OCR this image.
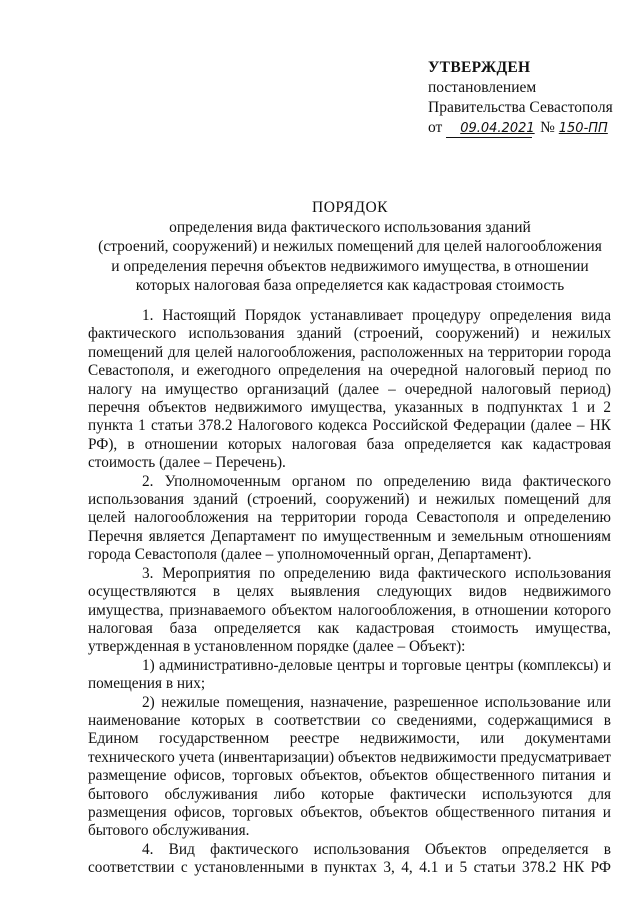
УТВЕРЖДЕН
постановлением
Правительства Севастополя
от 09.04.2021 № 150-ПП
ПОРЯДОК
определения вида фактического использования зданий
(строений, сооружений) и нежилых помещений для целей налогообложения
и определения перечня объектов недвижимого имущества, в отношении
которых налоговая база определяется как кадастровая стоимость

1. Настоящий Порядок устанавливает процедуру определения вида фактического использования зданий (строений, сооружений) и нежилых помещений для целей налогообложения, расположенных на территории города Севастополя, и ежегодного определения на очередной налоговый период по налогу на имущество организаций (далее – очередной налоговый период) перечня объектов недвижимого имущества, указанных в подпунктах 1 и 2 пункта 1 статьи 378.2 Налогового кодекса Российской Федерации (далее – НК РФ), в отношении которых налоговая база определяется как кадастровая стоимость (далее – Перечень).

2. Уполномоченным органом по определению вида фактического использования зданий (строений, сооружений) и нежилых помещений для целей налогообложения на территории города Севастополя и определению Перечня является Департамент по имущественным и земельным отношениям города Севастополя (далее – уполномоченный орган, Департамент).

3. Мероприятия по определению вида фактического использования осуществляются в целях выявления следующих видов недвижимого имущества, признаваемого объектом налогообложения, в отношении которого налоговая база определяется как кадастровая стоимость имущества, утвержденная в установленном порядке (далее – Объект):

1) административно-деловые центры и торговые центры (комплексы) и помещения в них;

2) нежилые помещения, назначение, разрешенное использование или наименование которых в соответствии со сведениями, содержащимися в Едином государственном реестре недвижимости, или документами технического учета (инвентаризации) объектов недвижимости предусматривает размещение офисов, торговых объектов, объектов общественного питания и бытового обслуживания либо которые фактически используются для размещения офисов, торговых объектов, объектов общественного питания и бытового обслуживания.

4. Вид фактического использования Объектов определяется в соответствии с установленными в пунктах 3, 4, 4.1 и 5 статьи 378.2 НК РФ
